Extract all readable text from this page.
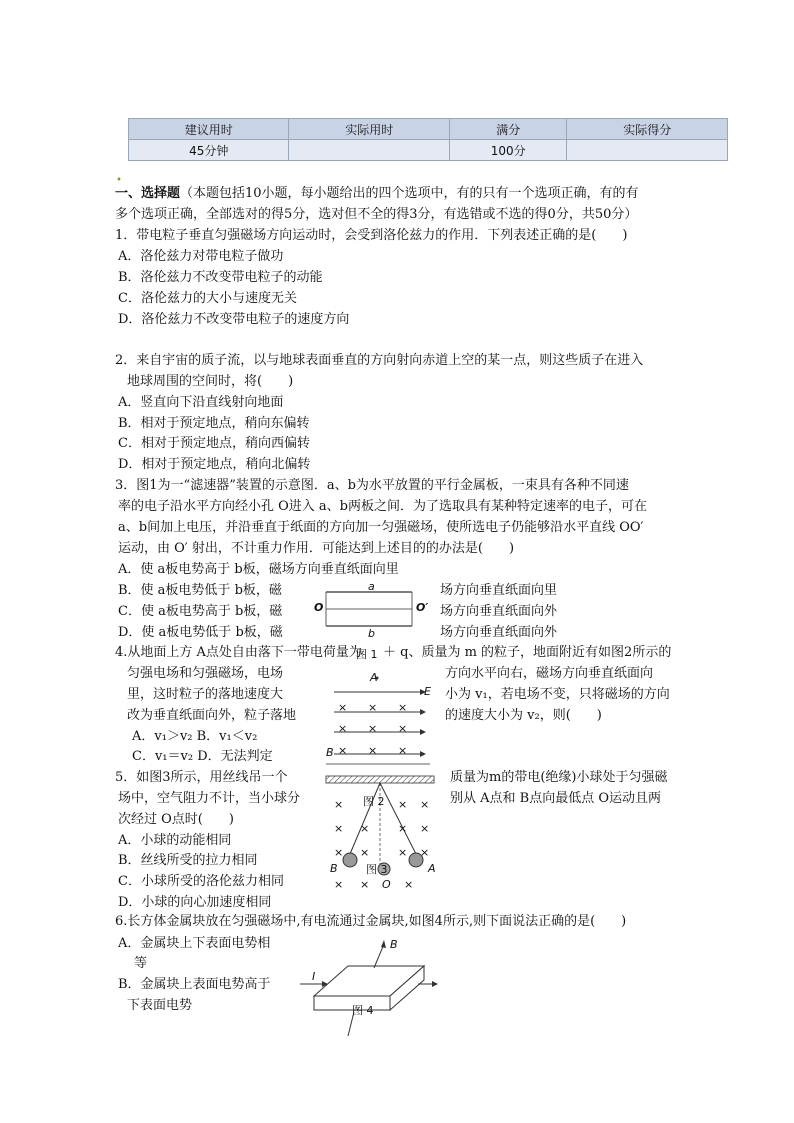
建议用时	实际用时	满分	实际得分
45分钟		100分	
•
一、选择题（本题包括10小题，每小题给出的四个选项中，有的只有一个选项正确，有的有
多个选项正确，全部选对的得5分，选对但不全的得3分，有选错或不选的得0分，共50分）
1．带电粒子垂直匀强磁场方向运动时，会受到洛伦兹力的作用．下列表述正确的是(　　)
A．洛伦兹力对带电粒子做功
B．洛伦兹力不改变带电粒子的动能
C．洛伦兹力的大小与速度无关
D．洛伦兹力不改变带电粒子的速度方向
2．来自宇宙的质子流，以与地球表面垂直的方向射向赤道上空的某一点，则这些质子在进入
地球周围的空间时，将(　　)
A．竖直向下沿直线射向地面
B．相对于预定地点，稍向东偏转
C．相对于预定地点，稍向西偏转
D．相对于预定地点，稍向北偏转
3．图1为一“滤速器”装置的示意图．a、b为水平放置的平行金属板，一束具有各种不同速
率的电子沿水平方向经小孔 O进入 a、b两板之间．为了选取具有某种特定速率的电子，可在
a、b间加上电压，并沿垂直于纸面的方向加一匀强磁场，使所选电子仍能够沿水平直线 OO′
运动，由 O′ 射出，不计重力作用．可能达到上述目的的办法是(　　)
A．使 a板电势高于 b板，磁场方向垂直纸面向里
B．使 a板电势低于 b板，磁	场方向垂直纸面向里
C．使 a板电势高于 b板，磁	场方向垂直纸面向外
D．使 a板电势低于 b板，磁	场方向垂直纸面向外
a
b
O	O′
4.从地面上方 A点处自由落下一带电荷量为
图 1 ＋ q、质量为 m 的粒子，地面附近有如图2所示的
匀强电场和匀强磁场，电场	方向水平向右，磁场方向垂直纸面向
里，这时粒子的落地速度大	小为 v₁，若电场不变，只将磁场的方向
改为垂直纸面向外，粒子落地	的速度大小为 v₂，则(　　)
A．v₁＞v₂ B．v₁＜v₂
C．v₁＝v₂ D．无法判定
A
E
B
× × ×
× × ×
× × ×
5．如图3所示，用丝线吊一个	质量为m的带电(绝缘)小球处于匀强磁
场中，空气阻力不计，当小球分	别从 A点和 B点向最低点 O运动且两
次经过 O点时(　　)
A．小球的动能相同
B．丝线所受的拉力相同
C．小球所受的洛伦兹力相同
D．小球的向心加速度相同
图 2
图 3
B	A
O
×	× ×
× ×	× ×
× ×	× ×
× ×	×
6.长方体金属块放在匀强磁场中,有电流通过金属块,如图4所示,则下面说法正确的是(　　)
A．金属块上下表面电势相
等
B．金属块上表面电势高于
下表面电势
B
I
图 4
